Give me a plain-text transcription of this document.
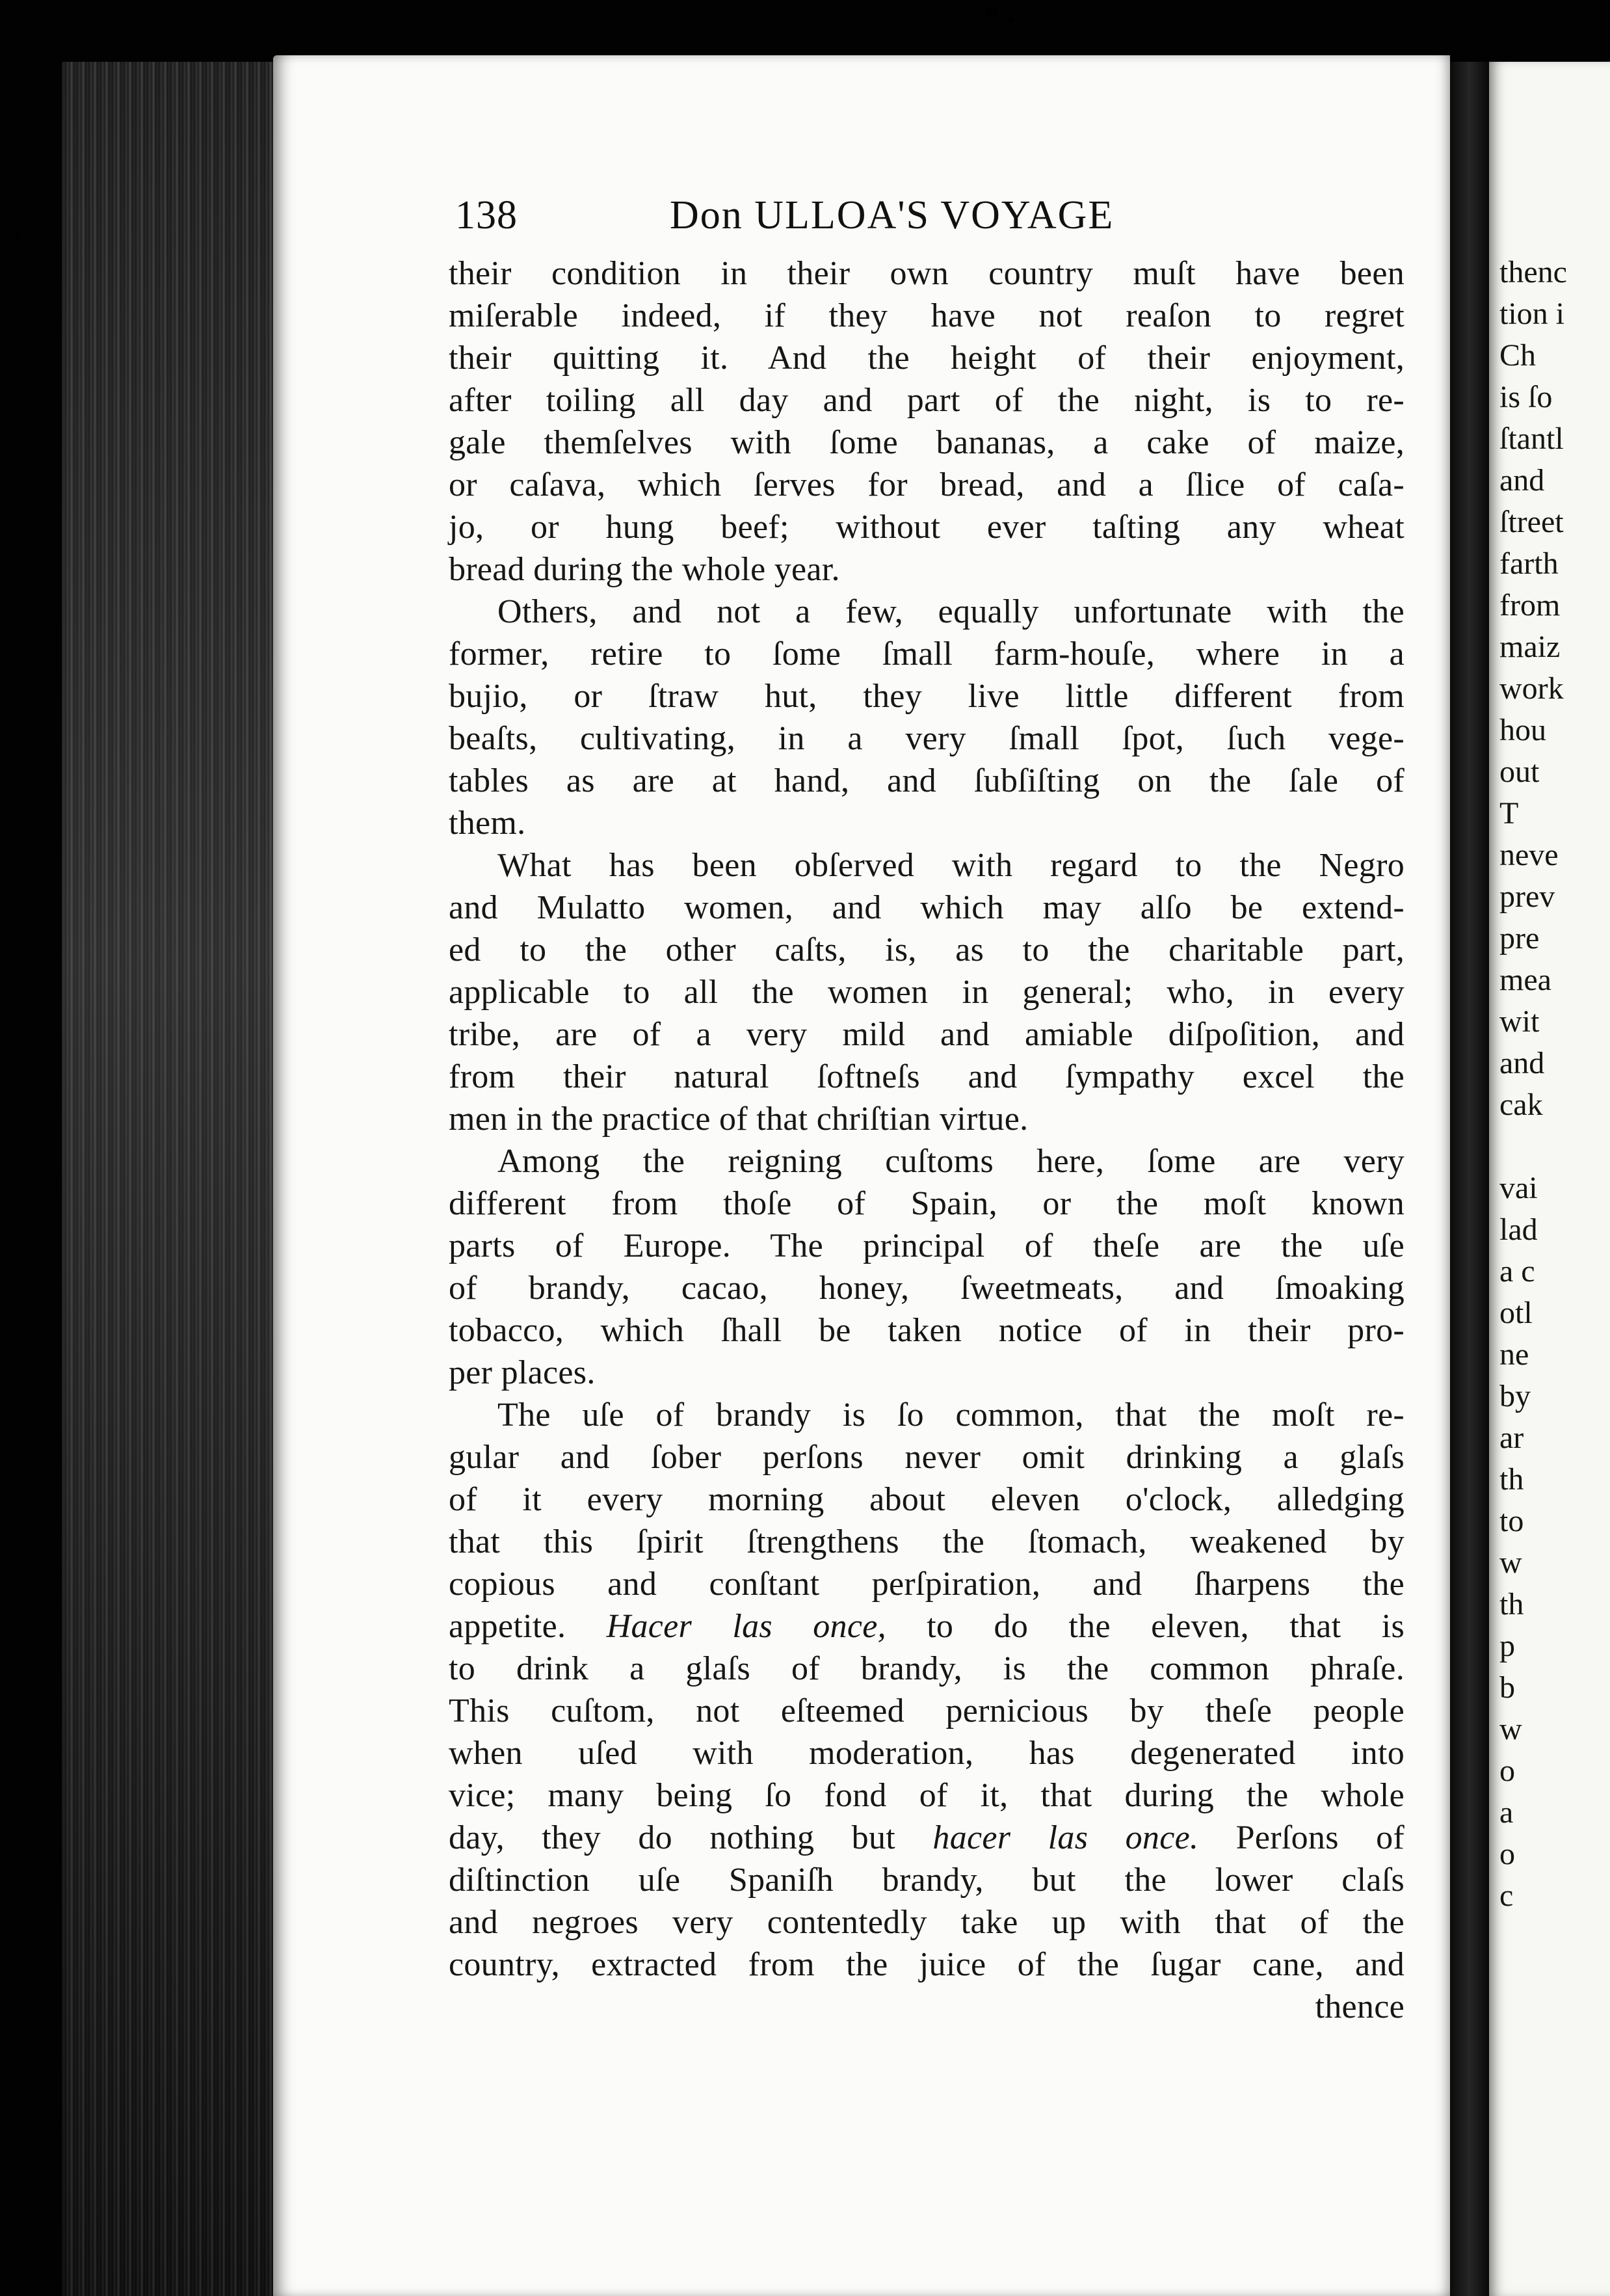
thenc
tion i
Ch
is ſo
ſtantl
and
ſtreet
farth
from
maiz
work
hou
out
T
neve
prev
pre
mea
wit
and
cak
vai
lad
a c
otl
ne
by
ar
th
to
w
th
p
b
w
o
a
o
c
138	Don ULLOA'S VOYAGE
their condition in their own country muſt have been
miſerable indeed, if they have not reaſon to regret
their quitting it. And the height of their enjoyment,
after toiling all day and part of the night, is to re-
gale themſelves with ſome bananas, a cake of maize,
or caſava, which ſerves for bread, and a ſlice of caſa-
jo, or hung beef; without ever taſting any wheat
bread during the whole year.
Others, and not a few, equally unfortunate with the
former, retire to ſome ſmall farm-houſe, where in a
bujio, or ſtraw hut, they live little different from
beaſts, cultivating, in a very ſmall ſpot, ſuch vege-
tables as are at hand, and ſubſiſting on the ſale of
them.
What has been obſerved with regard to the Negro
and Mulatto women, and which may alſo be extend-
ed to the other caſts, is, as to the charitable part,
applicable to all the women in general; who, in every
tribe, are of a very mild and amiable diſpoſition, and
from their natural ſoftneſs and ſympathy excel the
men in the practice of that chriſtian virtue.
Among the reigning cuſtoms here, ſome are very
different from thoſe of Spain, or the moſt known
parts of Europe. The principal of theſe are the uſe
of brandy, cacao, honey, ſweetmeats, and ſmoaking
tobacco, which ſhall be taken notice of in their pro-
per places.
The uſe of brandy is ſo common, that the moſt re-
gular and ſober perſons never omit drinking a glaſs
of it every morning about eleven o'clock, alledging
that this ſpirit ſtrengthens the ſtomach, weakened by
copious and conſtant perſpiration, and ſharpens the
appetite. Hacer las once, to do the eleven, that is
to drink a glaſs of brandy, is the common phraſe.
This cuſtom, not eſteemed pernicious by theſe people
when uſed with moderation, has degenerated into
vice; many being ſo fond of it, that during the whole
day, they do nothing but hacer las once. Perſons of
diſtinction uſe Spaniſh brandy, but the lower claſs
and negroes very contentedly take up with that of the
country, extracted from the juice of the ſugar cane, and
thence
